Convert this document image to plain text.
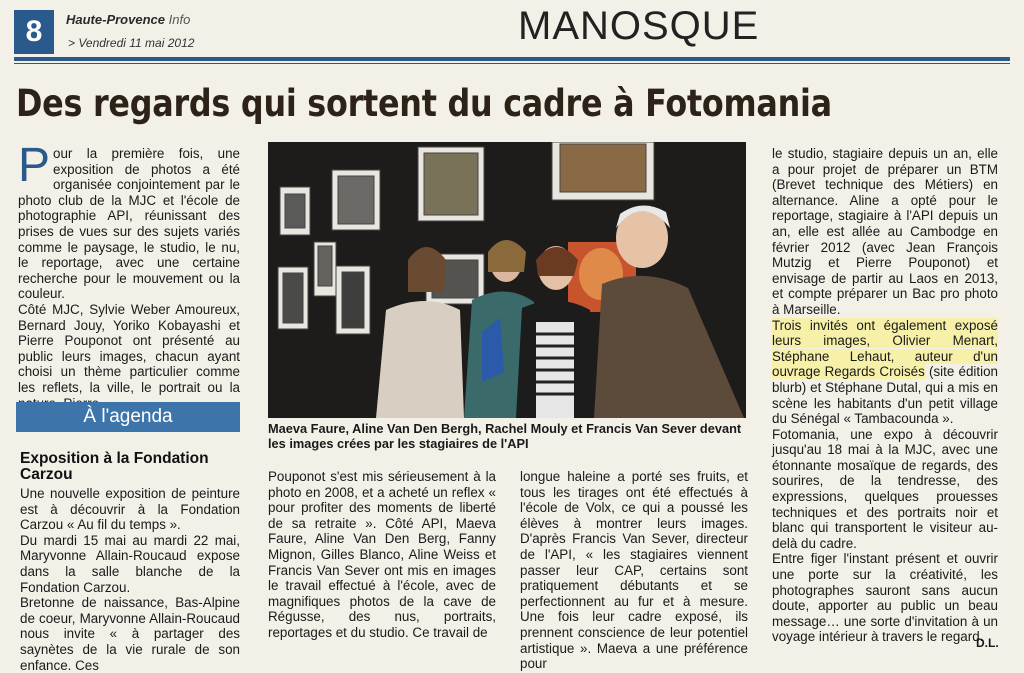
8	Haute-Provence Info
> Vendredi 11 mai 2012	MANOSQUE
Des regards qui sortent du cadre à Fotomania

Pour la première fois, une exposition de photos a été organisée conjointement par le photo club de la MJC et l'école de photographie API, réunissant des prises de vues sur des sujets variés comme le paysage, le studio, le nu, le reportage, avec une certaine recherche pour le mouvement ou la couleur.

Côté MJC, Sylvie Weber Amoureux, Bernard Jouy, Yoriko Kobayashi et Pierre Pouponot ont présenté au public leurs images, chacun ayant choisi un thème particulier comme les reflets, la ville, le portrait ou la

À l'agenda
Exposition à la Fondation Carzou

Une nouvelle exposition de peinture est à découvrir à la Fondation Carzou « Au fil du temps ».

Du mardi 15 mai au mardi 22 mai, Maryvonne Allain-Roucaud expose dans la salle blanche de la Fondation Carzou.

Bretonne de naissance, Bas-Alpine de coeur, Maryvonne Allain-Roucaud nous invite « à partager des saynètes de la vie rurale de son enfance. Ces

Maeva Faure, Aline Van Den Bergh, Rachel Mouly et Francis Van Sever devant les images crées par les stagiaires de l'API

Pouponot s'est mis sérieusement à la photo en 2008, et a acheté un reflex « pour profiter des moments de liberté de sa retraite ». Côté API, Maeva Faure, Aline Van Den Berg, Fanny Mignon, Gilles Blanco, Aline Weiss et Francis Van Sever ont mis en images le travail effectué à l'école, avec de magnifiques photos de la cave de Régusse, des nus, portraits, reportages et du studio. Ce travail de

longue haleine a porté ses fruits, et tous les tirages ont été effectués à l'école de Volx, ce qui a poussé les élèves à montrer leurs images. D'après Francis Van Sever, directeur de l'API, « les stagiaires viennent passer leur CAP, certains sont pratiquement débutants et se perfectionnent au fur et à mesure. Une fois leur cadre exposé, ils prennent conscience de leur potentiel artistique ». Maeva a une préférence pour

le studio, stagiaire depuis un an, elle a pour projet de préparer un BTM (Brevet technique des Métiers) en alternance. Aline a opté pour le reportage, stagiaire à l'API depuis un an, elle est allée au Cambodge en février 2012 (avec Jean François Mutzig et Pierre Pouponot) et envisage de partir au Laos en 2013, et compte préparer un Bac pro photo à Marseille.

Trois invités ont également exposé leurs images, Olivier Menart, Stéphane Lehaut, auteur d'un ouvrage Regards Croisés (site édition blurb) et Stéphane Dutal, qui a mis en scène les habitants d'un petit village du Sénégal « Tambacounda ».

Fotomania, une expo à découvrir jusqu'au 18 mai à la MJC, avec une étonnante mosaïque de regards, des sourires, de la tendresse, des expressions, quelques prouesses techniques et des portraits noir et blanc qui transportent le visiteur au-delà du cadre.

Entre figer l'instant présent et ouvrir une porte sur la créativité, les photographes sauront sans aucun doute, apporter au public un beau message… une sorte d'invitation à un voyage intérieur à travers le regard.

D.L.
